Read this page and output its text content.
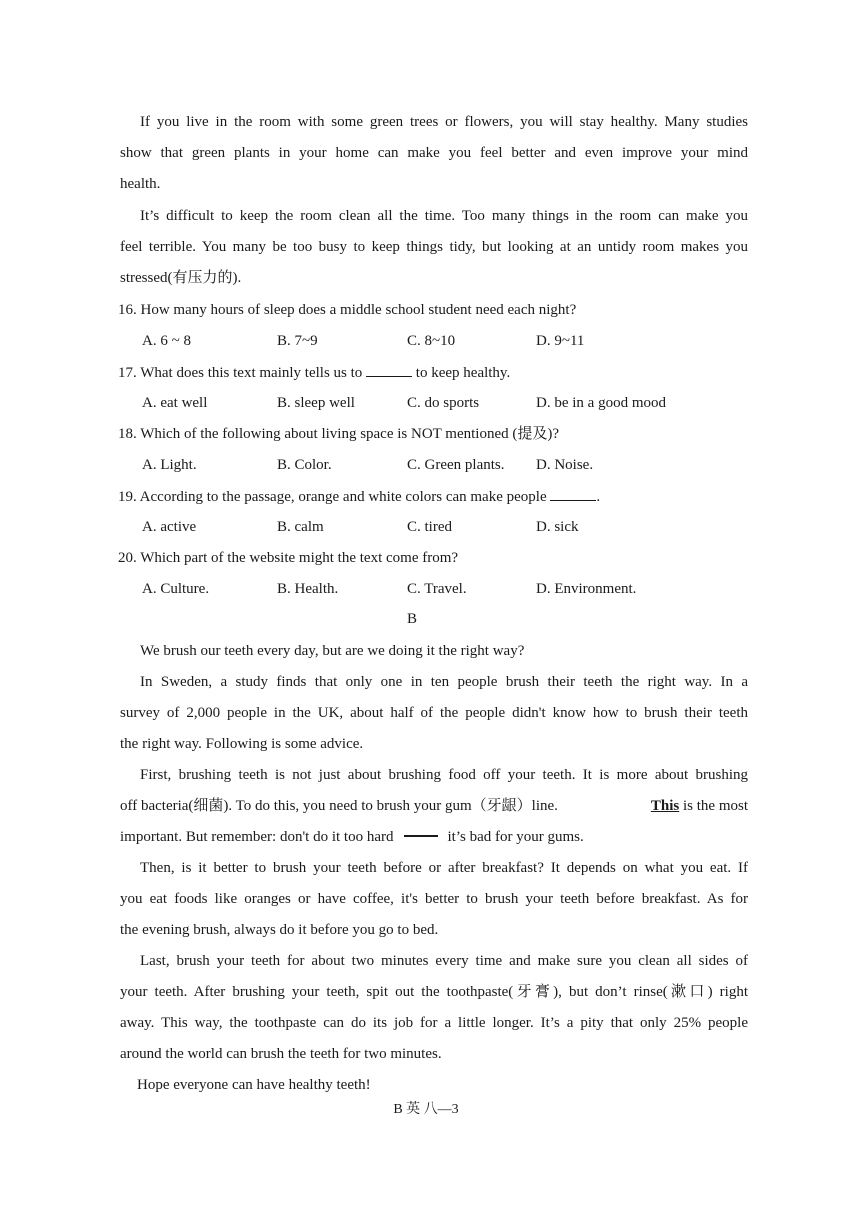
If you live in the room with some green trees or flowers, you will stay healthy. Many studies
show that green plants in your home can make you feel better and even improve your mind
health.
It’s difficult to keep the room clean all the time. Too many things in the room can make you
feel terrible. You many be too busy to keep things tidy, but looking at an untidy room makes you
stressed(有压力的).
16. How many hours of sleep does a middle school student need each night?
A. 6 ~ 8	B. 7~9	C. 8~10	D. 9~11
17. What does this text mainly tells us to	to keep healthy.
A. eat well	B. sleep well	C. do sports	D. be in a good mood
18. Which of the following about living space is NOT mentioned (提及)?
A. Light.	B. Color.	C. Green plants. D. Noise.
19. According to the passage, orange and white colors can make people	.
A. active	B. calm	C. tired	D. sick
20. Which part of the website might the text come from?
A. Culture.	B. Health.	C. Travel.	D. Environment.
B
We brush our teeth every day, but are we doing it the right way?
In Sweden, a study finds that only one in ten people brush their teeth the right way. In a
survey of 2,000 people in the UK, about half of the people didn't know how to brush their teeth
the right way. Following is some advice.
First, brushing teeth is not just about brushing food off your teeth. It is more about brushing
off bacteria(细菌). To do this, you need to brush your gum（牙龈）line.	This is the most
important. But remember: don't do it too hard	it’s bad for your gums.
Then, is it better to brush your teeth before or after breakfast? It depends on what you eat. If
you eat foods like oranges or have coffee, it's better to brush your teeth before breakfast. As for
the evening brush, always do it before you go to bed.
Last, brush your teeth for about two minutes every time and make sure you clean all sides of
your teeth. After brushing your teeth, spit out the toothpaste(牙膏), but don’t rinse(漱口) right
away. This way, the toothpaste can do its job for a little longer. It’s a pity that only 25% people
around the world can brush the teeth for two minutes.
Hope everyone can have healthy teeth!
B 英 八—3
